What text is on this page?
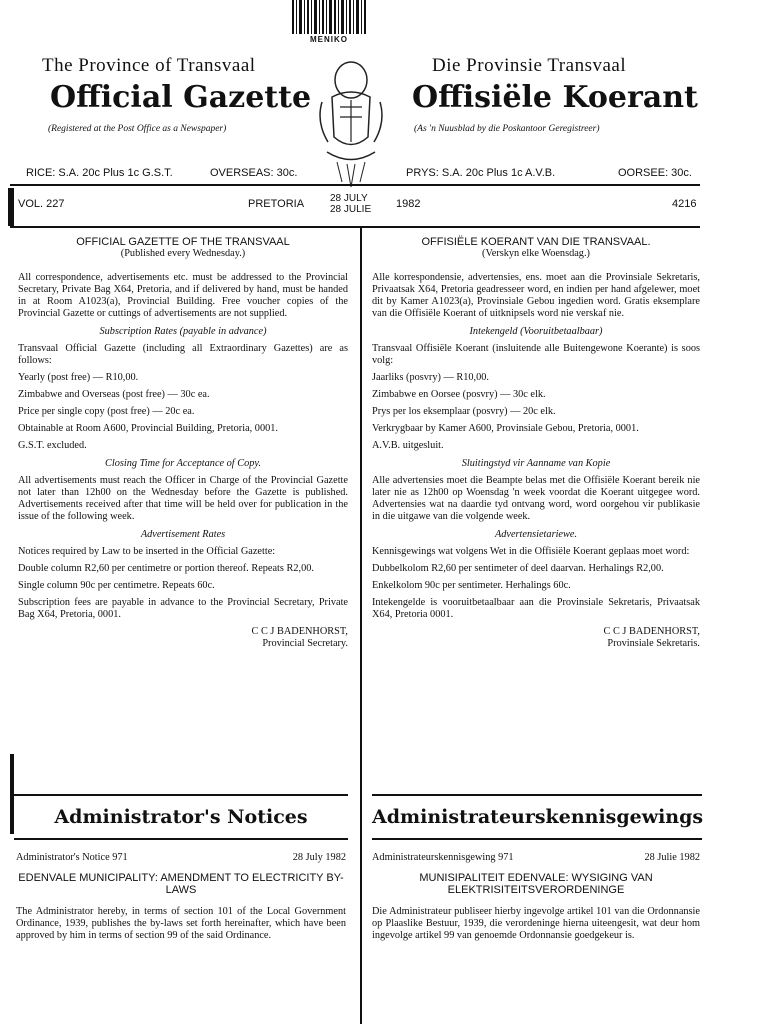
MENIKO
The Province of Transvaal	Die Provinsie Transvaal
Official Gazette	Offisiële Koerant
(Registered at the Post Office as a Newspaper)	(As 'n Nuusblad by die Poskantoor Geregistreer)
RICE: S.A. 20c Plus 1c G.S.T.	OVERSEAS: 30c.	PRYS: S.A. 20c Plus 1c A.V.B.	OORSEE: 30c.
VOL. 227	PRETORIA	28 JULY
28 JULIE 1982	4216

OFFICIAL GAZETTE OF THE TRANSVAAL

(Published every Wednesday.)

All correspondence, advertisements etc. must be addressed to the Provincial Secretary, Private Bag X64, Pretoria, and if delivered by hand, must be handed in at Room A1023(a), Provincial Building. Free voucher copies of the Provincial Gazette or cuttings of advertisements are not supplied.

Subscription Rates (payable in advance)

Transvaal Official Gazette (including all Extraordinary Gazettes) are as follows:

Yearly (post free) — R10,00.

Zimbabwe and Overseas (post free) — 30c ea.

Price per single copy (post free) — 20c ea.

Obtainable at Room A600, Provincial Building, Pretoria, 0001.

G.S.T. excluded.

Closing Time for Acceptance of Copy.

All advertisements must reach the Officer in Charge of the Provincial Gazette not later than 12h00 on the Wednesday before the Gazette is published. Advertisements received after that time will be held over for publication in the issue of the following week.

Advertisement Rates

Notices required by Law to be inserted in the Official Gazette:

Double column R2,60 per centimetre or portion thereof. Repeats R2,00.

Single column 90c per centimetre. Repeats 60c.

Subscription fees are payable in advance to the Provincial Secretary, Private Bag X64, Pretoria, 0001.

C C J BADENHORST,

Provincial Secretary.

OFFISIËLE KOERANT VAN DIE TRANSVAAL.

(Verskyn elke Woensdag.)

Alle korrespondensie, advertensies, ens. moet aan die Provinsiale Sekretaris, Privaatsak X64, Pretoria geadresseer word, en indien per hand afgelewer, moet dit by Kamer A1023(a), Provinsiale Gebou ingedien word. Gratis eksemplare van die Offisiële Koerant of uitknipsels word nie verskaf nie.

Intekengeld (Vooruitbetaalbaar)

Transvaal Offisiële Koerant (insluitende alle Buitengewone Koerante) is soos volg:

Jaarliks (posvry) — R10,00.

Zimbabwe en Oorsee (posvry) — 30c elk.

Prys per los eksemplaar (posvry) — 20c elk.

Verkrygbaar by Kamer A600, Provinsiale Gebou, Pretoria, 0001.

A.V.B. uitgesluit.

Sluitingstyd vir Aanname van Kopie

Alle advertensies moet die Beampte belas met die Offisiële Koerant bereik nie later nie as 12h00 op Woensdag 'n week voordat die Koerant uitgegee word. Advertensies wat na daardie tyd ontvang word, word oorgehou vir publikasie in die uitgawe van die volgende week.

Advertensietariewe.

Kennisgewings wat volgens Wet in die Offisiële Koerant geplaas moet word:

Dubbelkolom R2,60 per sentimeter of deel daarvan. Herhalings R2,00.

Enkelkolom 90c per sentimeter. Herhalings 60c.

Intekengelde is vooruitbetaalbaar aan die Provinsiale Sekretaris, Privaatsak X64, Pretoria 0001.

C C J BADENHORST,

Provinsiale Sekretaris.

Administrator's Notices	Administrateurskennisgewings
Administrator's Notice 971	28 July 1982

EDENVALE MUNICIPALITY: AMENDMENT TO ELECTRICITY BY-LAWS

The Administrator hereby, in terms of section 101 of the Local Government Ordinance, 1939, publishes the by-laws set forth hereinafter, which have been approved by him in terms of section 99 of the said Ordinance.

Administrateurskennisgewing 971	28 Julie 1982

MUNISIPALITEIT EDENVALE: WYSIGING VAN ELEKTRISITEITSVERORDENINGE

Die Administrateur publiseer hierby ingevolge artikel 101 van die Ordonnansie op Plaaslike Bestuur, 1939, die verordeninge hierna uiteengesit, wat deur hom ingevolge artikel 99 van genoemde Ordonnansie goedgekeur is.
